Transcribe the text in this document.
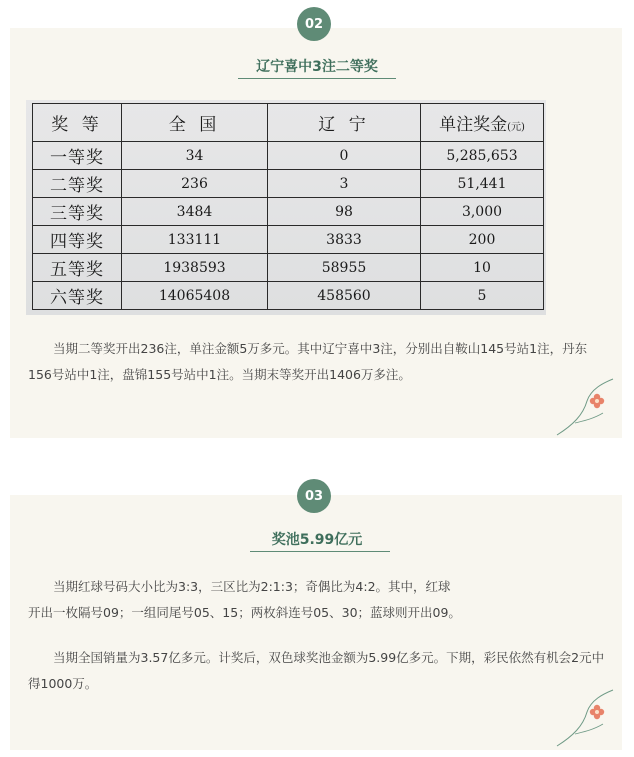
02
辽宁喜中3注二等奖
奖 等	全 国	辽 宁	单注奖金(元)
一等奖	34	0	5,285,653
二等奖	236	3	51,441
三等奖	3484	98	3,000
四等奖	133111	3833	200
五等奖	1938593	58955	10
六等奖	14065408	458560	5
当期二等奖开出236注，单注金额5万多元。其中辽宁喜中3注，分别出自鞍山145号站1注，丹东156号站中1注，盘锦155号站中1注。当期末等奖开出1406万多注。
03
奖池5.99亿元
当期红球号码大小比为3:3，三区比为2:1:3；奇偶比为4:2。其中，红球
开出一枚隔号09；一组同尾号05、15；两枚斜连号05、30；蓝球则开出09。
当期全国销量为3.57亿多元。计奖后，双色球奖池金额为5.99亿多元。下期，彩民依然有机会2元中得1000万。
